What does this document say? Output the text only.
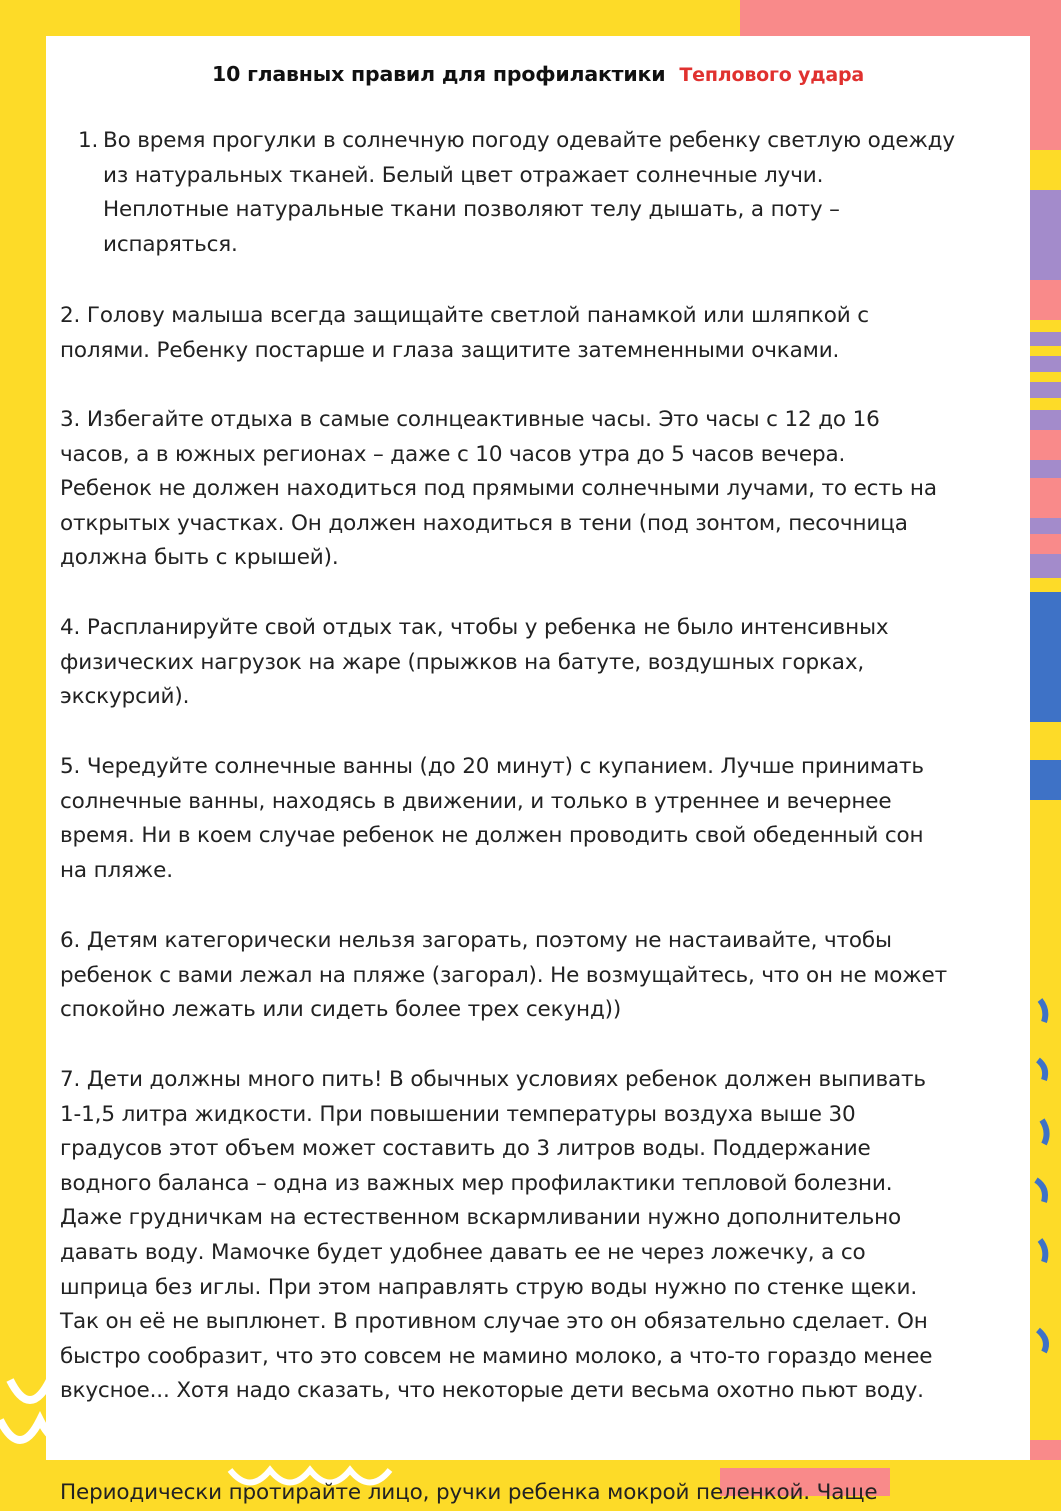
10 главных правил для профилактики Теплового удара

1. Во время прогулки в солнечную погоду одевайте ребенку светлую одежду

из натуральных тканей. Белый цвет отражает солнечные лучи.

Неплотные натуральные ткани позволяют телу дышать, а поту –

испаряться.

2. Голову малыша всегда защищайте светлой панамкой или шляпкой с

полями. Ребенку постарше и глаза защитите затемненными очками.

3. Избегайте отдыха в самые солнцеактивные часы. Это часы с 12 до 16

часов, а в южных регионах – даже с 10 часов утра до 5 часов вечера.

Ребенок не должен находиться под прямыми солнечными лучами, то есть на

открытых участках. Он должен находиться в тени (под зонтом, песочница

должна быть с крышей).

4. Распланируйте свой отдых так, чтобы у ребенка не было интенсивных

физических нагрузок на жаре (прыжков на батуте, воздушных горках,

экскурсий).

5. Чередуйте солнечные ванны (до 20 минут) с купанием. Лучше принимать

солнечные ванны, находясь в движении, и только в утреннее и вечернее

время. Ни в коем случае ребенок не должен проводить свой обеденный сон

на пляже.

6. Детям категорически нельзя загорать, поэтому не настаивайте, чтобы

ребенок с вами лежал на пляже (загорал). Не возмущайтесь, что он не может

спокойно лежать или сидеть более трех секунд))

7. Дети должны много пить! В обычных условиях ребенок должен выпивать

1-1,5 литра жидкости. При повышении температуры воздуха выше 30

градусов этот объем может составить до 3 литров воды. Поддержание

водного баланса – одна из важных мер профилактики тепловой болезни.

Даже грудничкам на естественном вскармливании нужно дополнительно

давать воду. Мамочке будет удобнее давать ее не через ложечку, а со

шприца без иглы. При этом направлять струю воды нужно по стенке щеки.

Так он её не выплюнет. В противном случае это он обязательно сделает. Он

быстро сообразит, что это совсем не мамино молоко, а что-то гораздо менее

вкусное... Хотя надо сказать, что некоторые дети весьма охотно пьют воду.

Периодически протирайте лицо, ручки ребенка мокрой пеленкой. Чаще
